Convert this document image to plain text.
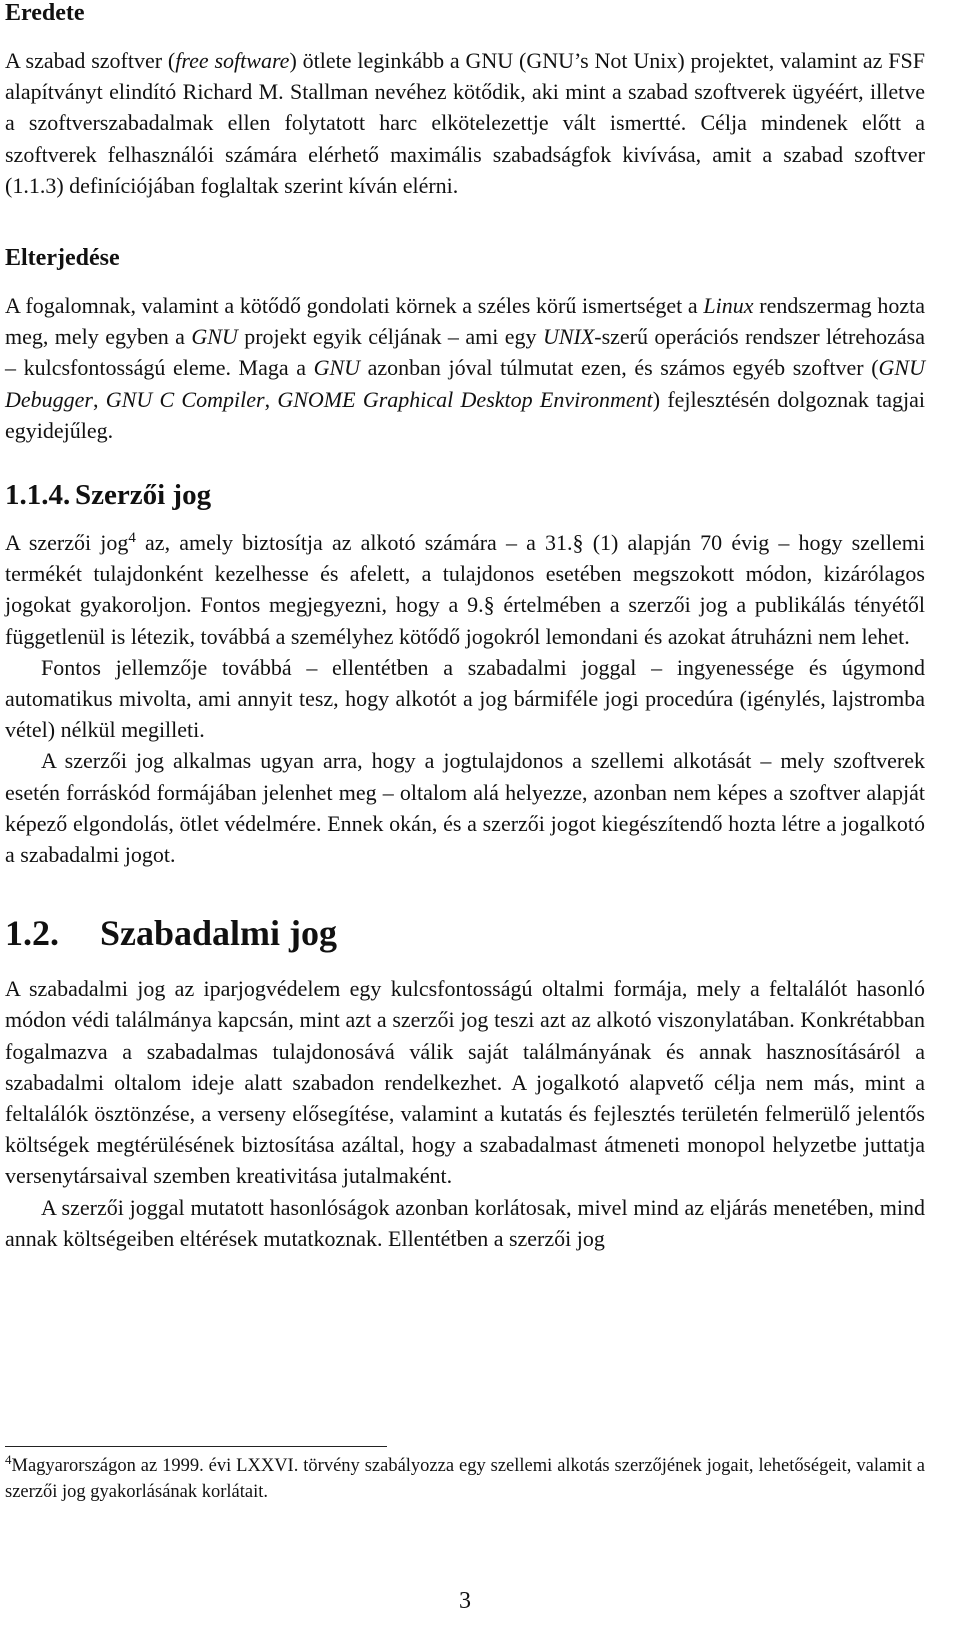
Eredete

A szabad szoftver (free software) ötlete leginkább a GNU (GNU’s Not Unix) projektet, valamint az FSF alapítványt elindító Richard M. Stallman nevéhez kötődik, aki mint a szabad szoftverek ügyéért, illetve a szoftverszabadalmak ellen folytatott harc elkötelezettje vált ismertté. Célja mindenek előtt a szoftverek felhasználói számára elérhető maximális szabadságfok kivívása, amit a szabad szoftver (1.1.3) definíciójában foglaltak szerint kíván elérni.

Elterjedése

A fogalomnak, valamint a kötődő gondolati körnek a széles körű ismertséget a Linux rendszermag hozta meg, mely egyben a GNU projekt egyik céljának – ami egy UNIX-szerű operációs rendszer létrehozása – kulcsfontosságú eleme. Maga a GNU azonban jóval túlmutat ezen, és számos egyéb szoftver (GNU Debugger, GNU C Compiler, GNOME Graphical Desktop Environment) fejlesztésén dolgoznak tagjai egyidejűleg.

1.1.4. Szerzői jog

A szerzői jog$^4$ az, amely biztosítja az alkotó számára – a 31.§ (1) alapján 70 évig – hogy szellemi termékét tulajdonként kezelhesse és afelett, a tulajdonos esetében megszokott módon, kizárólagos jogokat gyakoroljon. Fontos megjegyezni, hogy a 9.§ értelmében a szerzői jog a publikálás tényétől függetlenül is létezik, továbbá a személyhez kötődő jogokról lemondani és azokat átruházni nem lehet.

Fontos jellemzője továbbá – ellentétben a szabadalmi joggal – ingyenessége és úgymond automatikus mivolta, ami annyit tesz, hogy alkotót a jog bármiféle jogi procedúra (igénylés, lajstromba vétel) nélkül megilleti.

A szerzői jog alkalmas ugyan arra, hogy a jogtulajdonos a szellemi alkotását – mely szoftverek esetén forráskód formájában jelenhet meg – oltalom alá helyezze, azonban nem képes a szoftver alapját képező elgondolás, ötlet védelmére. Ennek okán, és a szerzői jogot kiegészítendő hozta létre a jogalkotó a szabadalmi jogot.

1.2. Szabadalmi jog

A szabadalmi jog az iparjogvédelem egy kulcsfontosságú oltalmi formája, mely a feltalálót hasonló módon védi találmánya kapcsán, mint azt a szerzői jog teszi azt az alkotó viszonylatában. Konkrétabban fogalmazva a szabadalmas tulajdonosává válik saját találmányának és annak hasznosításáról a szabadalmi oltalom ideje alatt szabadon rendelkezhet. A jogalkotó alapvető célja nem más, mint a feltalálók ösztönzése, a verseny elősegítése, valamint a kutatás és fejlesztés területén felmerülő jelentős költségek megtérülésének biztosítása azáltal, hogy a szabadalmast átmeneti monopol helyzetbe juttatja versenytársaival szemben kreativitása jutalmaként.

A szerzői joggal mutatott hasonlóságok azonban korlátosak, mivel mind az eljárás menetében, mind annak költségeiben eltérések mutatkoznak. Ellentétben a szerzői jog

$^4$Magyarországon az 1999. évi LXXVI. törvény szabályozza egy szellemi alkotás szerzőjének jogait, lehetőségeit, valamit a szerzői jog gyakorlásának korlátait.
3
